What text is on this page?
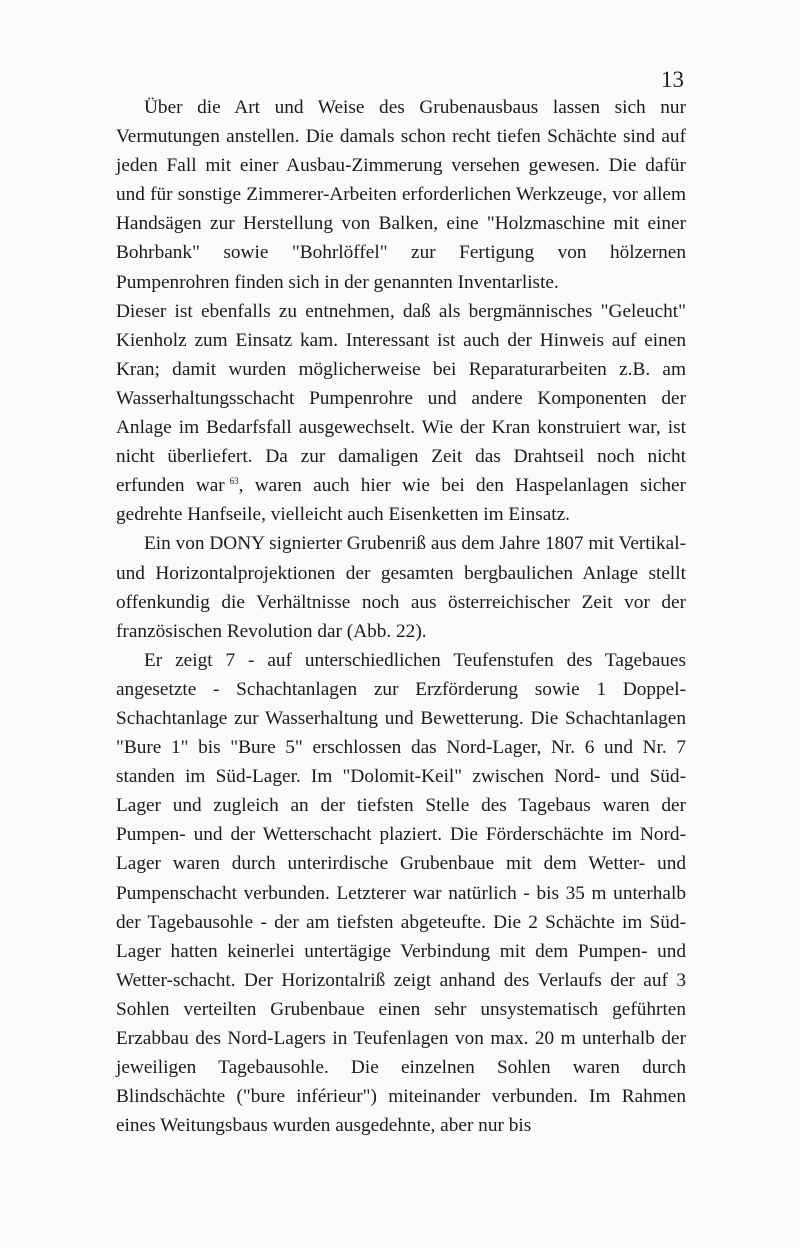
13

Über die Art und Weise des Grubenausbaus lassen sich nur Vermutungen anstellen. Die damals schon recht tiefen Schächte sind auf jeden Fall mit einer Ausbau-Zimmerung versehen gewesen. Die dafür und für sonstige Zimmerer-Arbeiten erforderlichen Werkzeuge, vor allem Handsägen zur Herstellung von Balken, eine "Holzmaschine mit einer Bohrbank" sowie "Bohrlöffel" zur Fertigung von hölzernen Pumpenrohren finden sich in der genannten Inventarliste.

Dieser ist ebenfalls zu entnehmen, daß als bergmännisches "Geleucht" Kienholz zum Einsatz kam. Interessant ist auch der Hinweis auf einen Kran; damit wurden möglicherweise bei Reparaturarbeiten z.B. am Wasserhaltungsschacht Pumpenrohre und andere Komponenten der Anlage im Bedarfsfall ausgewechselt. Wie der Kran konstruiert war, ist nicht überliefert. Da zur damaligen Zeit das Drahtseil noch nicht erfunden war  $^{63}$, waren auch hier wie bei den Haspelanlagen sicher gedrehte Hanfseile, vielleicht auch Eisenketten im Einsatz.

Ein von DONY signierter Grubenriß aus dem Jahre 1807 mit Vertikal- und Horizontalprojektionen der gesamten bergbaulichen Anlage stellt offenkundig die Verhältnisse noch aus österreichischer Zeit vor der französischen Revolution dar (Abb. 22).

Er zeigt 7 - auf unterschiedlichen Teufenstufen des Tagebaues angesetzte - Schachtanlagen zur Erzförderung sowie 1 Doppel-Schachtanlage zur Wasserhaltung und Bewetterung. Die Schachtanlagen "Bure 1" bis "Bure 5" erschlossen das Nord-Lager, Nr. 6 und Nr. 7 standen im Süd-Lager. Im "Dolomit-Keil" zwischen Nord- und Süd-Lager und zugleich an der tiefsten Stelle des Tagebaus waren der Pumpen- und der Wetterschacht plaziert. Die Förderschächte im Nord-Lager waren durch unterirdische Grubenbaue mit dem Wetter- und Pumpenschacht verbunden. Letzterer war natürlich - bis 35 m unterhalb der Tagebausohle - der am tiefsten abgeteufte. Die 2 Schächte im Süd-Lager hatten keinerlei untertägige Verbindung mit dem Pumpen- und Wetter-schacht. Der Horizontalriß zeigt anhand des Verlaufs der auf 3 Sohlen verteilten Grubenbaue einen sehr unsystematisch geführten Erzabbau des Nord-Lagers in Teufenlagen von max. 20 m unterhalb der jeweiligen Tagebausohle. Die einzelnen Sohlen waren durch Blindschächte ("bure inférieur") miteinander verbunden. Im Rahmen eines Weitungsbaus wurden ausgedehnte, aber nur bis
